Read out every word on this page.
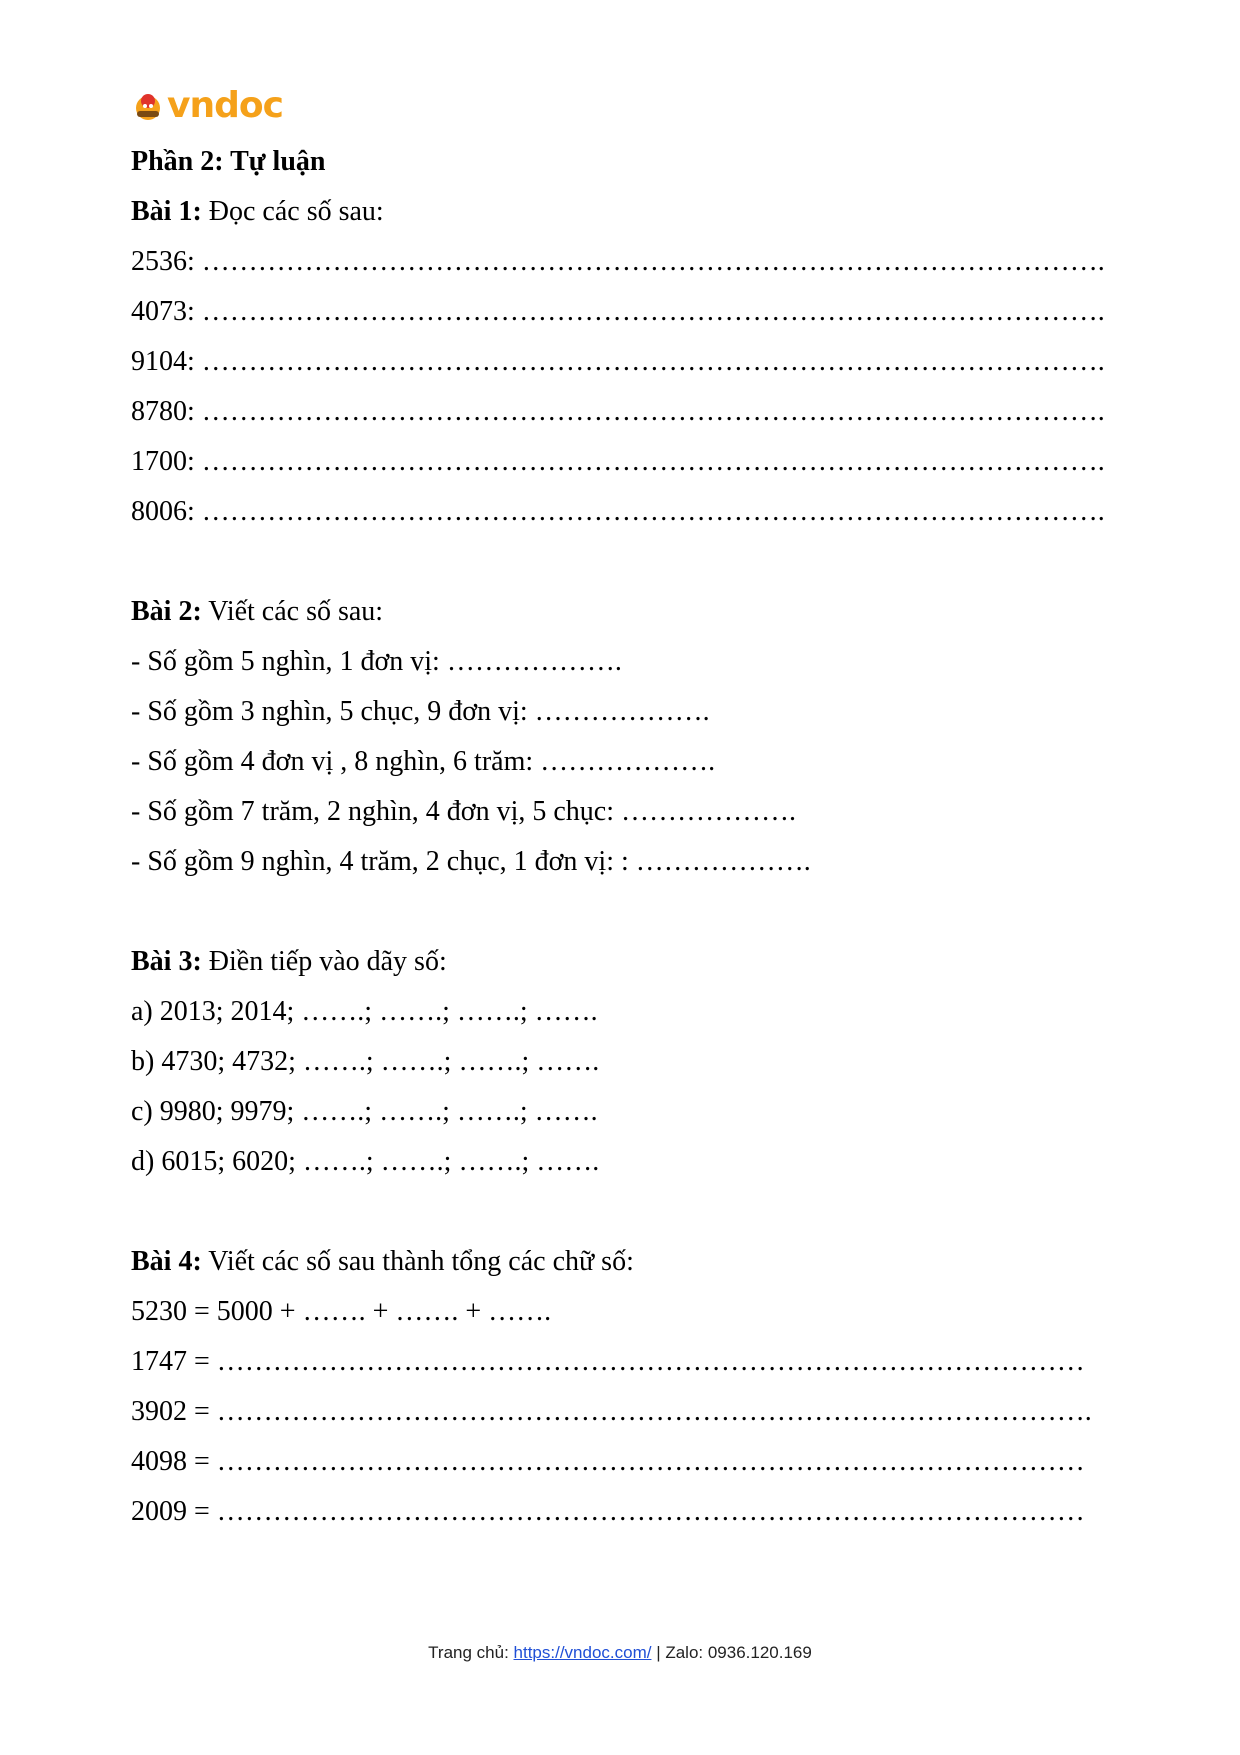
vndoc
Phần 2: Tự luận
Bài 1: Đọc các số sau:
2536: …………………………………………………………………………………….
4073: …………………………………………………………………………………….
9104: …………………………………………………………………………………….
8780: …………………………………………………………………………………….
1700: …………………………………………………………………………………….
8006: …………………………………………………………………………………….
Bài 2: Viết các số sau:
- Số gồm 5 nghìn, 1 đơn vị: ……………….
- Số gồm 3 nghìn, 5 chục, 9 đơn vị: ……………….
- Số gồm 4 đơn vị , 8 nghìn, 6 trăm: ……………….
- Số gồm 7 trăm, 2 nghìn, 4 đơn vị, 5 chục: ……………….
- Số gồm 9 nghìn, 4 trăm, 2 chục, 1 đơn vị: : ……………….
Bài 3: Điền tiếp vào dãy số:
a) 2013; 2014; …….; …….; …….; …….
b) 4730; 4732; …….; …….; …….; …….
c) 9980; 9979; …….; …….; …….; …….
d) 6015; 6020; …….; …….; …….; …….
Bài 4: Viết các số sau thành tổng các chữ số:
5230 = 5000 + ……. + ……. + …….
1747 = …………………………………………………………………………………
3902 = ………………………………………………………………………………….
4098 = …………………………………………………………………………………
2009 = …………………………………………………………………………………
Trang chủ: https://vndoc.com/ | Zalo: 0936.120.169
